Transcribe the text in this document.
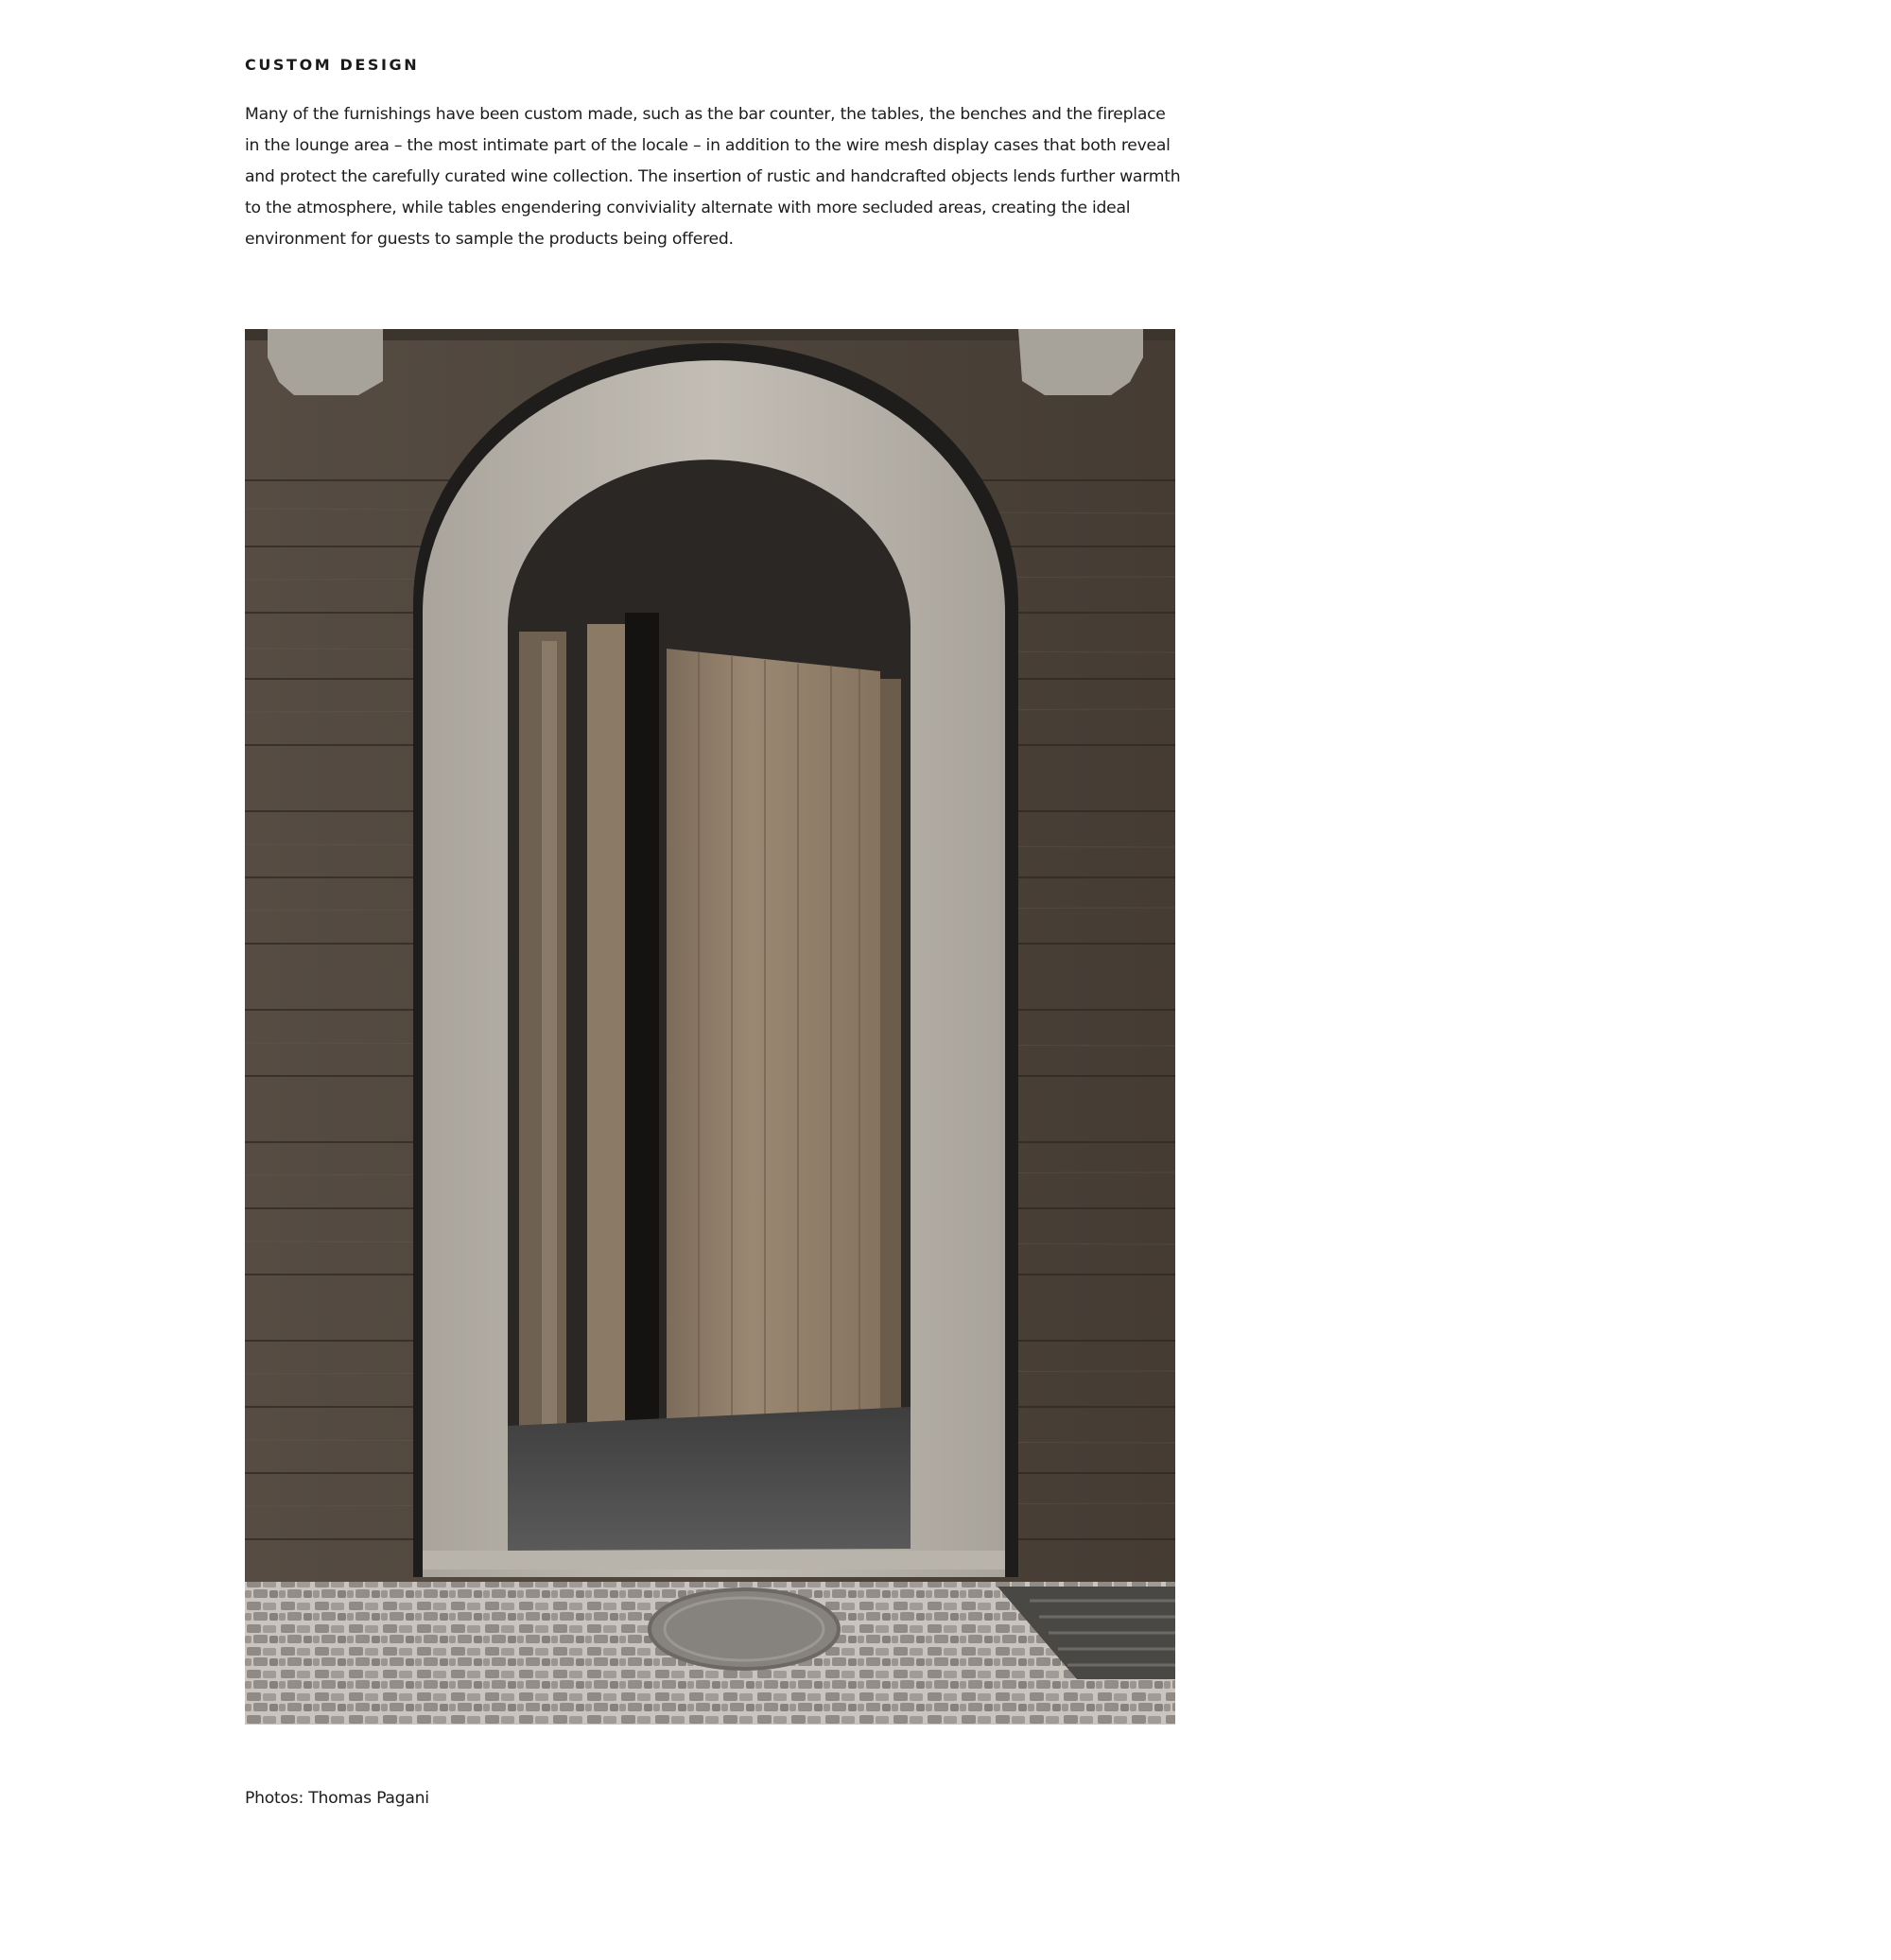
CUSTOM DESIGN

Many of the furnishings have been custom made, such as the bar counter, the tables, the benches and the fireplace in the lounge area – the most intimate part of the locale – in addition to the wire mesh display cases that both reveal and protect the carefully curated wine collection. The insertion of rustic and handcrafted objects lends further warmth to the atmosphere, while tables engendering conviviality alternate with more secluded areas, creating the ideal environment for guests to sample the products being offered.

Photos: Thomas Pagani
